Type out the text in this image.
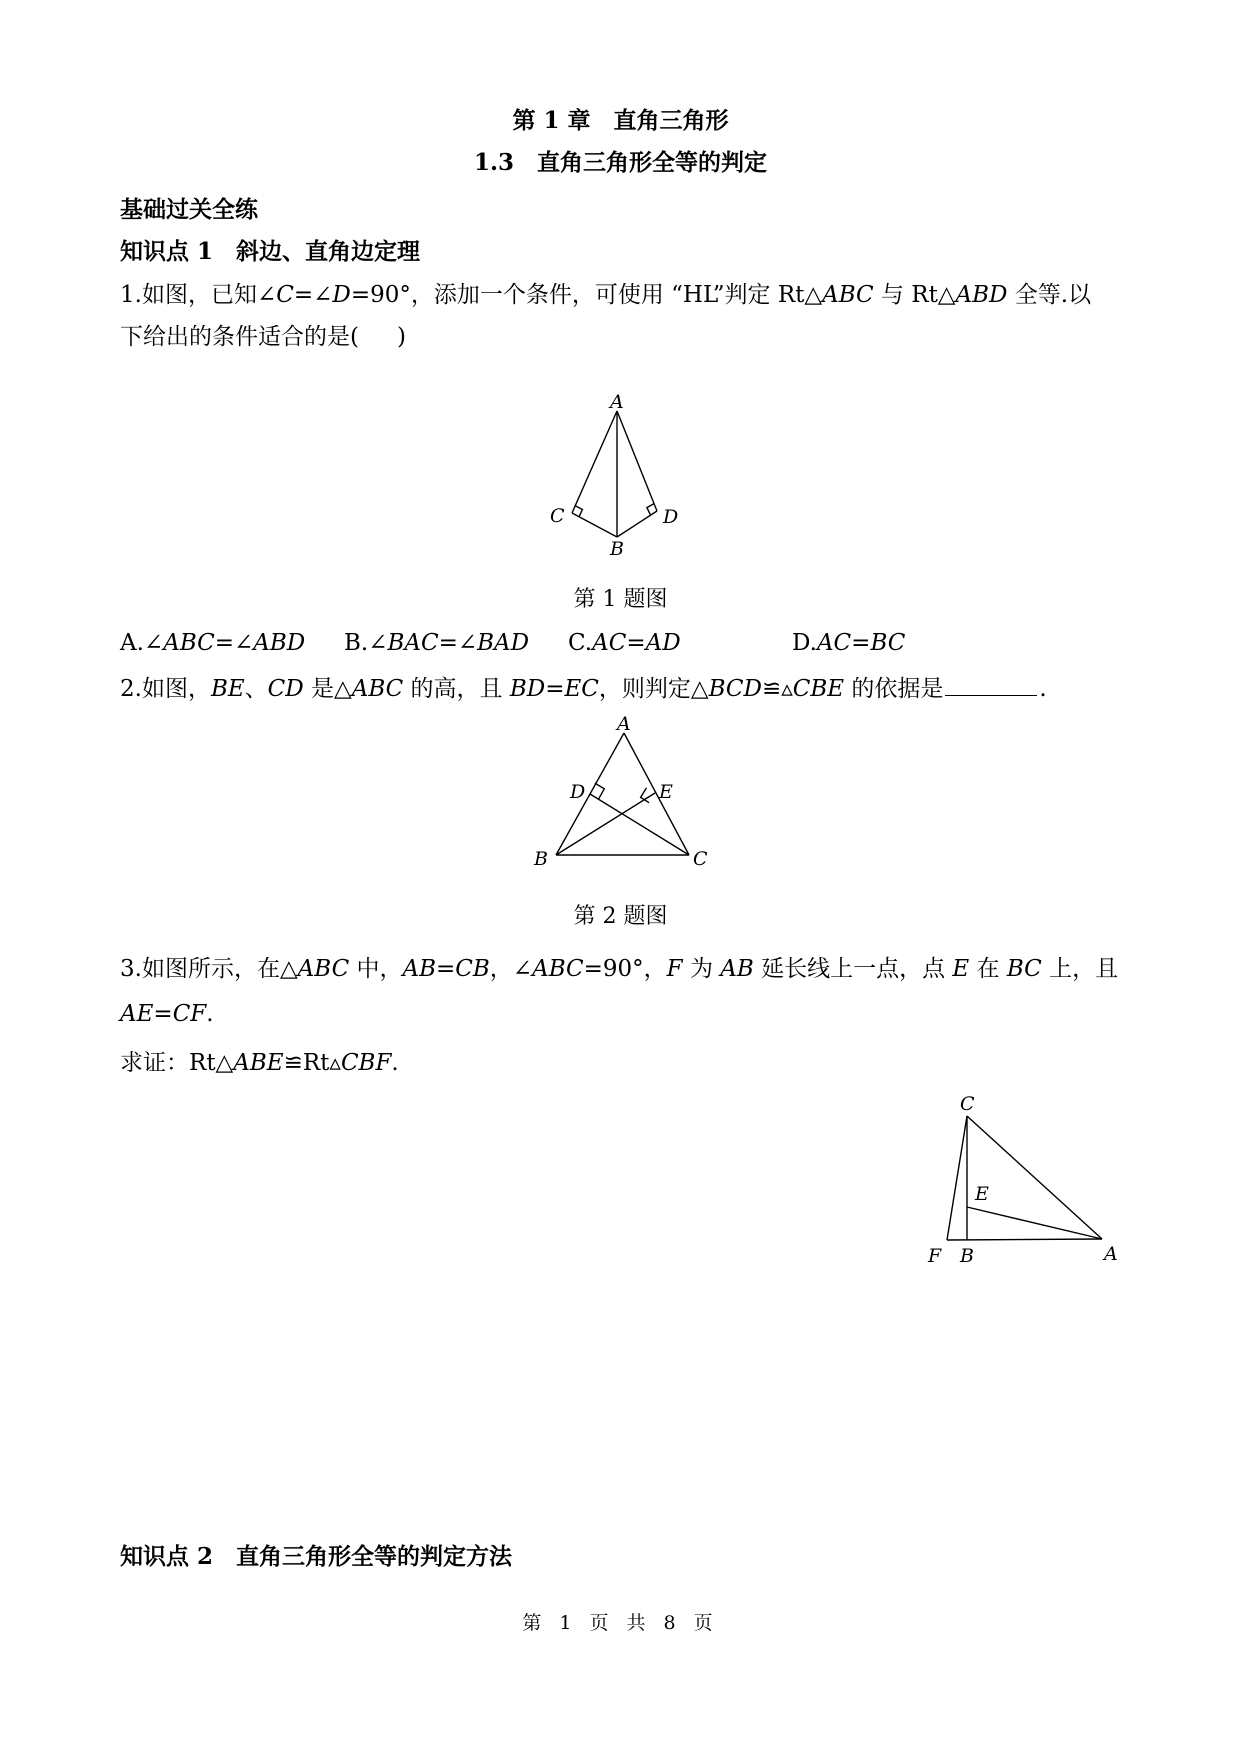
第 1 章　直角三角形
1.3　直角三角形全等的判定
基础过关全练
知识点 1　斜边、直角边定理
1.如图，已知∠C=∠D=90°，添加一个条件，可使用 “HL”判定 Rt△ABC 与 Rt△ABD 全等.以
下给出的条件适合的是( )
A
C	D
B
第 1 题图
A.∠ABC=∠ABD B.∠BAC=∠BAD C.AC=AD	D.AC=BC
2.如图，BE、CD 是△ABC 的高，且 BD=EC，则判定△BCD≌▵CBE 的依据是	.
A
D	E
B	C
第 2 题图
3.如图所示，在△ABC 中，AB=CB，∠ABC=90°，F 为 AB 延长线上一点，点 E 在 BC 上，且
AE=CF.
求证：Rt△ABE≌Rt▵CBF.
C
E
F B	A
知识点 2　直角三角形全等的判定方法
第 1 页 共 8 页
